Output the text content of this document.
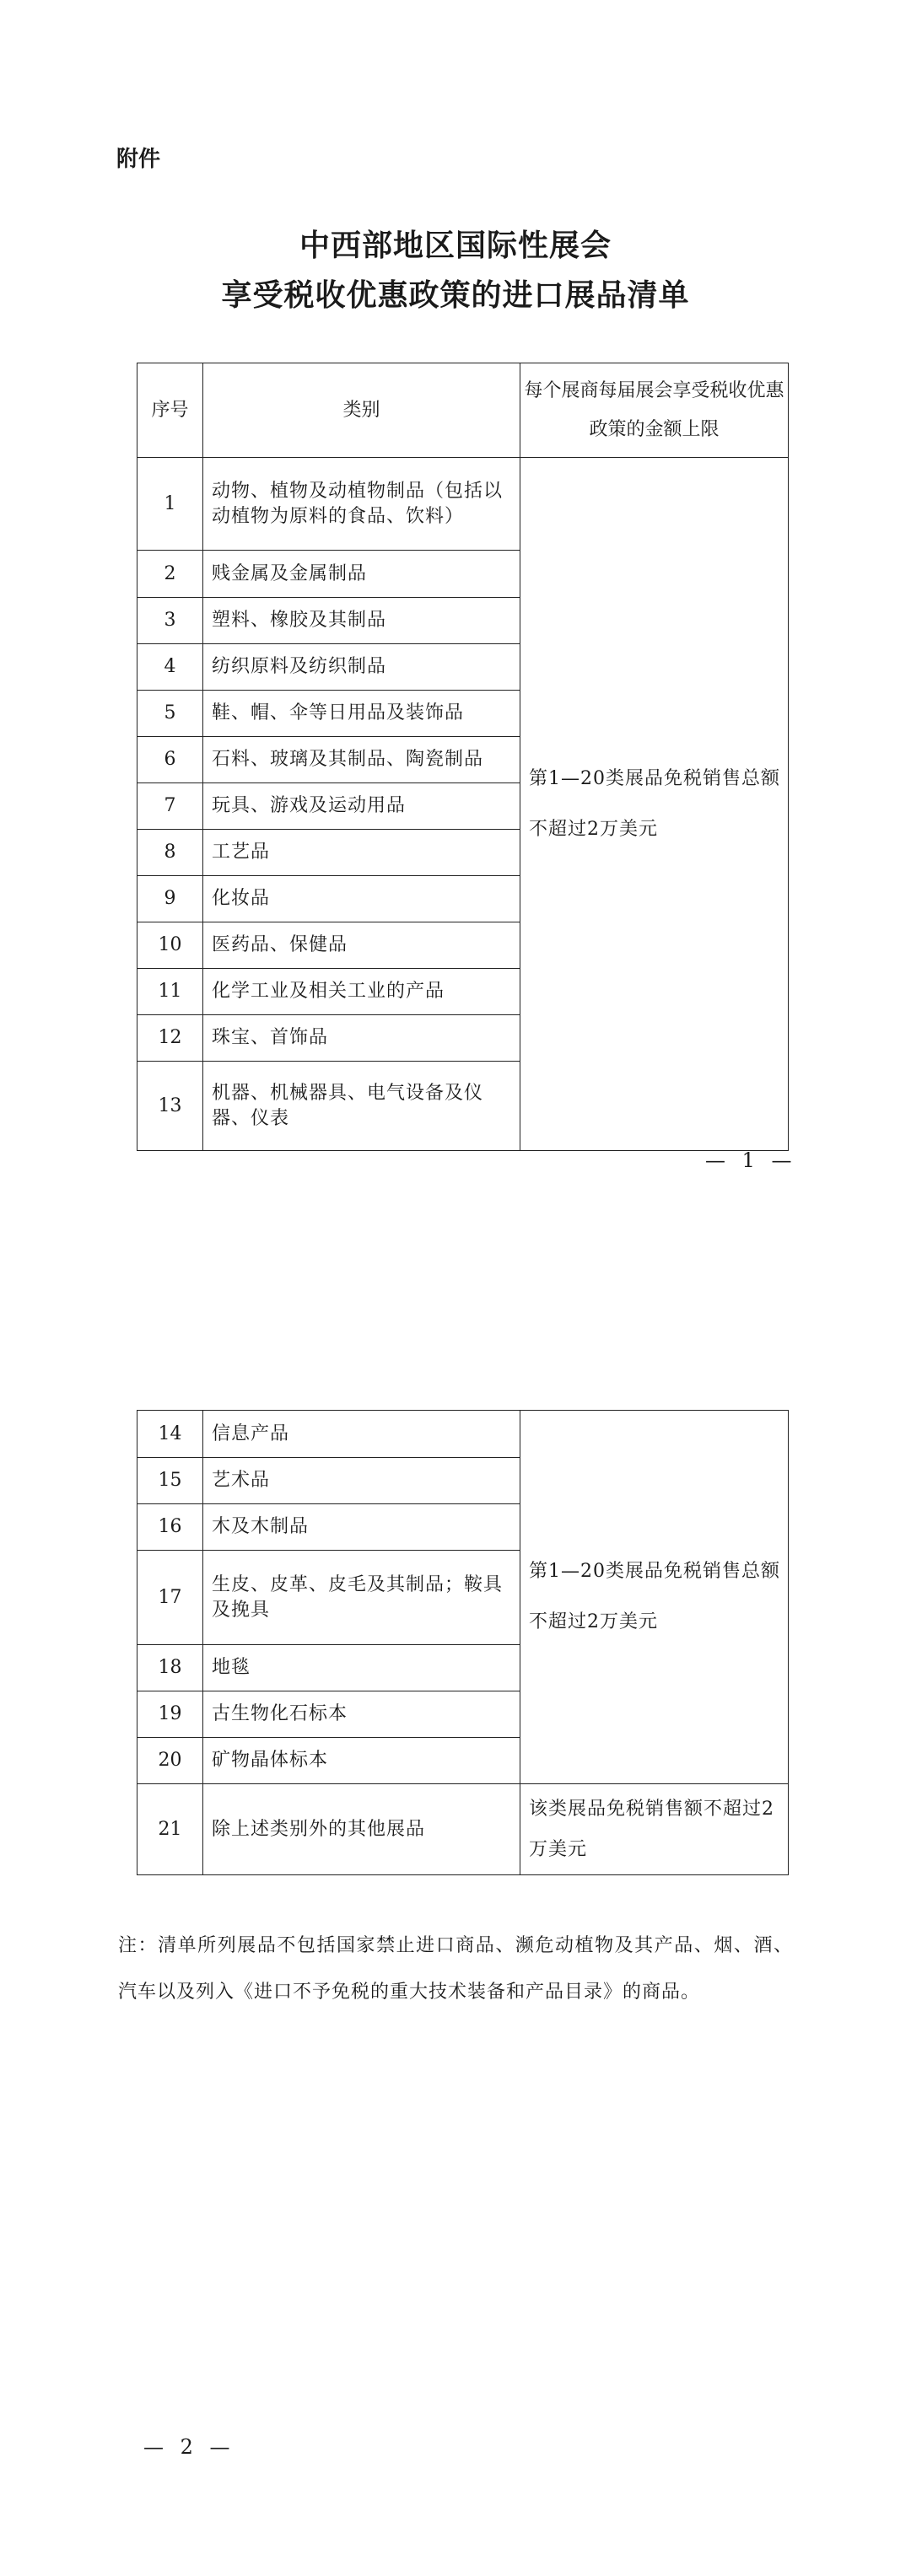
附件
中西部地区国际性展会
享受税收优惠政策的进口展品清单
序号	类别	每个展商每届展会享受税收优惠政策的金额上限
1	动物、植物及动植物制品（包括以动植物为原料的食品、饮料）	第1—20类展品免税销售总额不超过2万美元
2	贱金属及金属制品	
3	塑料、橡胶及其制品	
4	纺织原料及纺织制品	
5	鞋、帽、伞等日用品及装饰品	
6	石料、玻璃及其制品、陶瓷制品	
7	玩具、游戏及运动用品	
8	工艺品	
9	化妆品	
10	医药品、保健品	
11	化学工业及相关工业的产品	
12	珠宝、首饰品	
13	机器、机械器具、电气设备及仪器、仪表	
— 1 —
14	信息产品	第1—20类展品免税销售总额不超过2万美元
15	艺术品	
16	木及木制品	
17	生皮、皮革、皮毛及其制品；鞍具及挽具	
18	地毯	
19	古生物化石标本	
20	矿物晶体标本	
21	除上述类别外的其他展品	该类展品免税销售额不超过2万美元
注：清单所列展品不包括国家禁止进口商品、濒危动植物及其产品、烟、酒、汽车以及列入《进口不予免税的重大技术装备和产品目录》的商品。
— 2 —
